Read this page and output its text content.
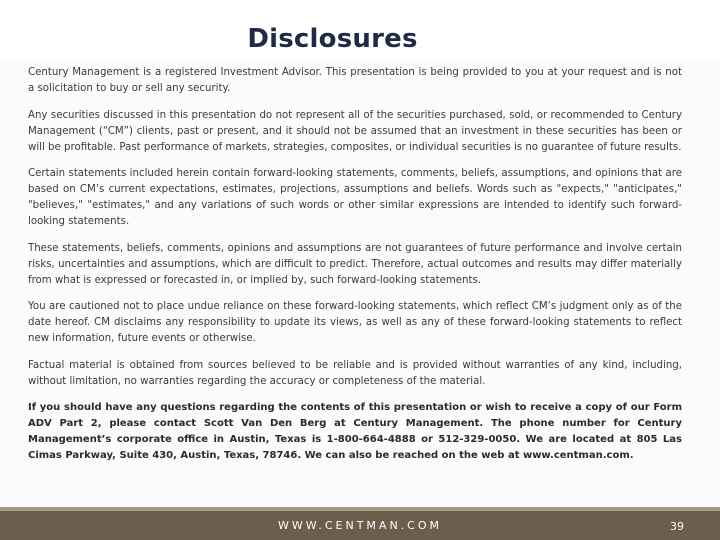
Disclosures

Century Management is a registered Investment Advisor. This presentation is being provided to you at your request and is not a solicitation to buy or sell any security.

Any securities discussed in this presentation do not represent all of the securities purchased, sold, or recommended to Century Management (“CM”) clients, past or present, and it should not be assumed that an investment in these securities has been or will be profitable. Past performance of markets, strategies, composites, or individual securities is no guarantee of future results.

Certain statements included herein contain forward-looking statements, comments, beliefs, assumptions, and opinions that are based on CM’s current expectations, estimates, projections, assumptions and beliefs. Words such as "expects," "anticipates," "believes," "estimates," and any variations of such words or other similar expressions are intended to identify such forward-looking statements.

These statements, beliefs, comments, opinions and assumptions are not guarantees of future performance and involve certain risks, uncertainties and assumptions, which are difficult to predict. Therefore, actual outcomes and results may differ materially from what is expressed or forecasted in, or implied by, such forward-looking statements.

You are cautioned not to place undue reliance on these forward-looking statements, which reflect CM’s judgment only as of the date hereof. CM disclaims any responsibility to update its views, as well as any of these forward-looking statements to reflect new information, future events or otherwise.

Factual material is obtained from sources believed to be reliable and is provided without warranties of any kind, including, without limitation, no warranties regarding the accuracy or completeness of the material.

If you should have any questions regarding the contents of this presentation or wish to receive a copy of our Form ADV Part 2, please contact Scott Van Den Berg at Century Management. The phone number for Century Management’s corporate office in Austin, Texas is 1-800-664-4888 or 512-329-0050. We are located at 805 Las Cimas Parkway, Suite 430, Austin, Texas, 78746. We can also be reached on the web at www.centman.com.

WWW.CENTMAN.COM	39
